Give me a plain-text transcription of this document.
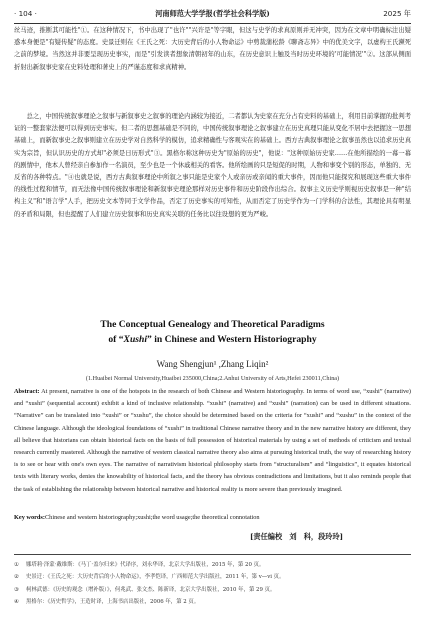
· 104 ·	河南师范大学学报(哲学社会科学版)	2025 年
丝马迹，推断其可能性"①。在这种情况下，书中出现了"也许""兴许是"等字眼，但这与史学的求真原则并无冲突，因为在文章中明确标注出疑惑本身便是"有疑传疑"的态度。史景迁则在《王氏之死：大历史背后的小人物命运》中剪裁蒲松龄《聊斋志异》中的优美文字，以虚构王氏濒死之前的梦境。当然这并非要呈现历史事实，而是"引发读者想象清朝初年的山东，在历史意识上触及当时历史环境的'可能情况'"②。这部从侧面折射出新叙事史家在史料处理和著史上的严谨态度和求真精神。
总之，中国传统叙事理论之叙事与新叙事史之叙事的理论内涵较为接近，二者都认为史家在充分占有史料的基础上，利用目前掌握的批判考证的一整套家法便可以得到历史事实。但二者的思想基础是不同的，中国传统叙事理论之叙事建立在历史真理只能从变化不居中去把握这一思想基础上，而新叙事史之叙事则建立在历史学对自然科学的模仿，追求精确性与客观实在的基础上。西方古典叙事理论之叙事虽然也以追求历史真实为宗旨，但认识历史的方式却"必须是日历形式"③。黑格尔称这种历史为"原始的历史"，他说："这种原始历史家……在他所描绘的一幕一幕的剧情中，他本人曾经亲自参加作一名演员，至少也是一个休戚相关的看客。他所绘画的只是短促的时期，人物和事变个别的形态，单独的、无反省的各种特点。"④也就是说，西方古典叙事理论中所叙之事只能是史家个人或亲历或亲闻的重大事件，因而他只能探究和展现这些重大事件的线性过程和情节，而无法像中国传统叙事理论和新叙事史理论那样对历史事件和历史阶段作出综合。叙事主义历史学则视历史叙事是一种"结构主义"和"语言学"人手，把历史文本等同于文学作品，否定了历史事实的可知性，从而否定了历史学作为一门学科的合法性，其理论具有明显的矛盾和局限，但也提醒了人们建立历史叙事和历史真实关联的任务比以往设想的更为严峻。
The Conceptual Genealogy and Theoretical Paradigms
of “Xushi” in Chinese and Western Historiography
Wang Shengjun¹ ,Zhang Liqin²
(1.Huaibei Normal University,Huaibei 235000,China;2.Anhui University of Arts,Hefei 230011,China)
Abstract: At present, narrative is one of the hotspots in the research of both Chinese and Western historiography. In terms of word use, “xushi” (narrative) and “xushi” (sequential account) exhibit a kind of inclusive relationship. “xushi” (narrative) and “xushi” (narration) can be used in different situations. “Narrative” can be translated into “xushi” or “xushu”, the choice should be determined based on the criteria for “xushi” and “xushu” in the context of the Chinese language. Although the ideological foundations of “xushi” in traditional Chinese narrative theory and in the new narrative history are different, they all believe that historians can obtain historical facts on the basis of full possession of historical materials by using a set of methods of criticism and textual research currently mastered. Although the narrative of western classical narrative theory also aims at pursuing historical truth, the way of researching history is to see or hear with one's own eyes. The narrative of narrativism historical philosophy starts from “structuralism” and “linguistics”, it equates historical texts with literary works, denies the knowability of historical facts, and the theory has obvious contradictions and limitations, but it also reminds people that the task of establishing the relationship between historical narrative and historical reality is more severe than previously imagined.
Key words:Chinese and western historiography;xushi;the word usage;the theoretical connotation
[责任编校　刘　科，段玲玲]
① 娜塔莉·泽蒙·戴维斯：《马丁·盖尔归来》代译序，刘永华译，北京大学出版社，2015 年，第 20 页。
② 史景迁：《王氏之死：大历史背后的小人物命运》，李孝恺译，广西师范大学出版社，2011 年，第 v—vi 页。
③ 柯林武德：《历史的观念（增补版）》，何兆武、张文杰、陈新译，北京大学出版社，2010 年，第 29 页。
④ 黑格尔：《历史哲学》，王造时译，上海书店出版社，2006 年，第 2 页。
